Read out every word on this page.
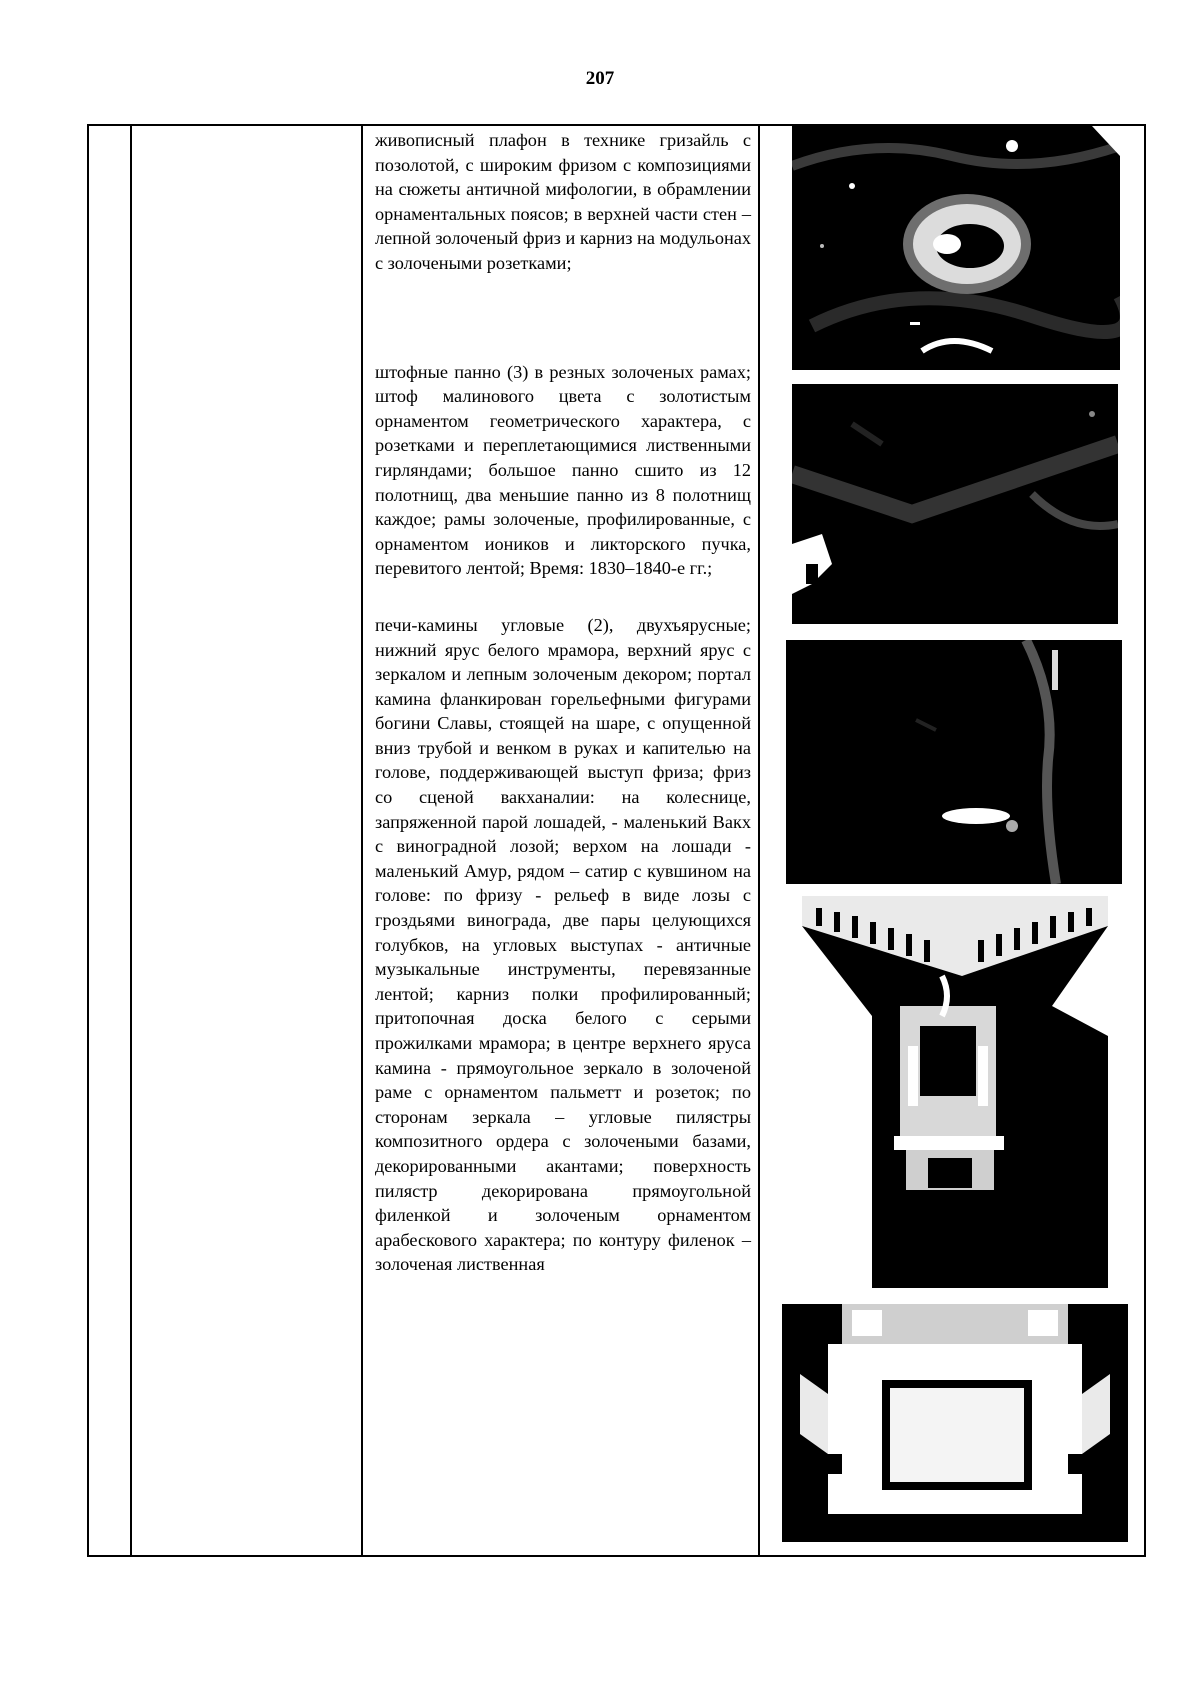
207

живописный плафон в технике гризайль с позолотой, с широким фризом с композициями на сюжеты античной мифологии, в обрамлении орнаментальных поясов; в верхней части стен – лепной золоченый фриз и карниз на модульонах с золочеными розетками;

штофные панно (3) в резных золоченых рамах; штоф малинового цвета с золотистым орнаментом геометрического характера, с розетками и переплетающимися лиственными гирляндами; большое панно сшито из 12 полотнищ, два меньшие панно из 8 полотнищ каждое; рамы золоченые, профилированные, с орнаментом иоников и ликторского пучка, перевитого лентой; Время: 1830–1840-е гг.;

печи-камины угловые (2), двухъярусные; нижний ярус белого мрамора, верхний ярус с зеркалом и лепным золоченым декором; портал камина фланкирован горельефными фигурами богини Славы, стоящей на шаре, с опущенной вниз трубой и венком в руках и капителью на голове, поддерживающей выступ фриза; фриз со сценой вакханалии: на колеснице, запряженной парой лошадей, - маленький Вакх с виноградной лозой; верхом на лошади - маленький Амур, рядом – сатир с кувшином на голове: по фризу - рельеф в виде лозы с гроздьями винограда, две пары целующихся голубков, на угловых выступах - античные музыкальные инструменты, перевязанные лентой; карниз полки профилированный; притопочная доска белого с серыми прожилками мрамора; в центре верхнего яруса камина - прямоугольное зеркало в золоченой раме с орнаментом пальметт и розеток; по сторонам зеркала – угловые пилястры композитного ордера с золочеными базами, декорированными акантами; поверхность пилястр декорирована прямоугольной филенкой и золоченым орнаментом арабескового характера; по контуру филенок – золоченая лиственная
